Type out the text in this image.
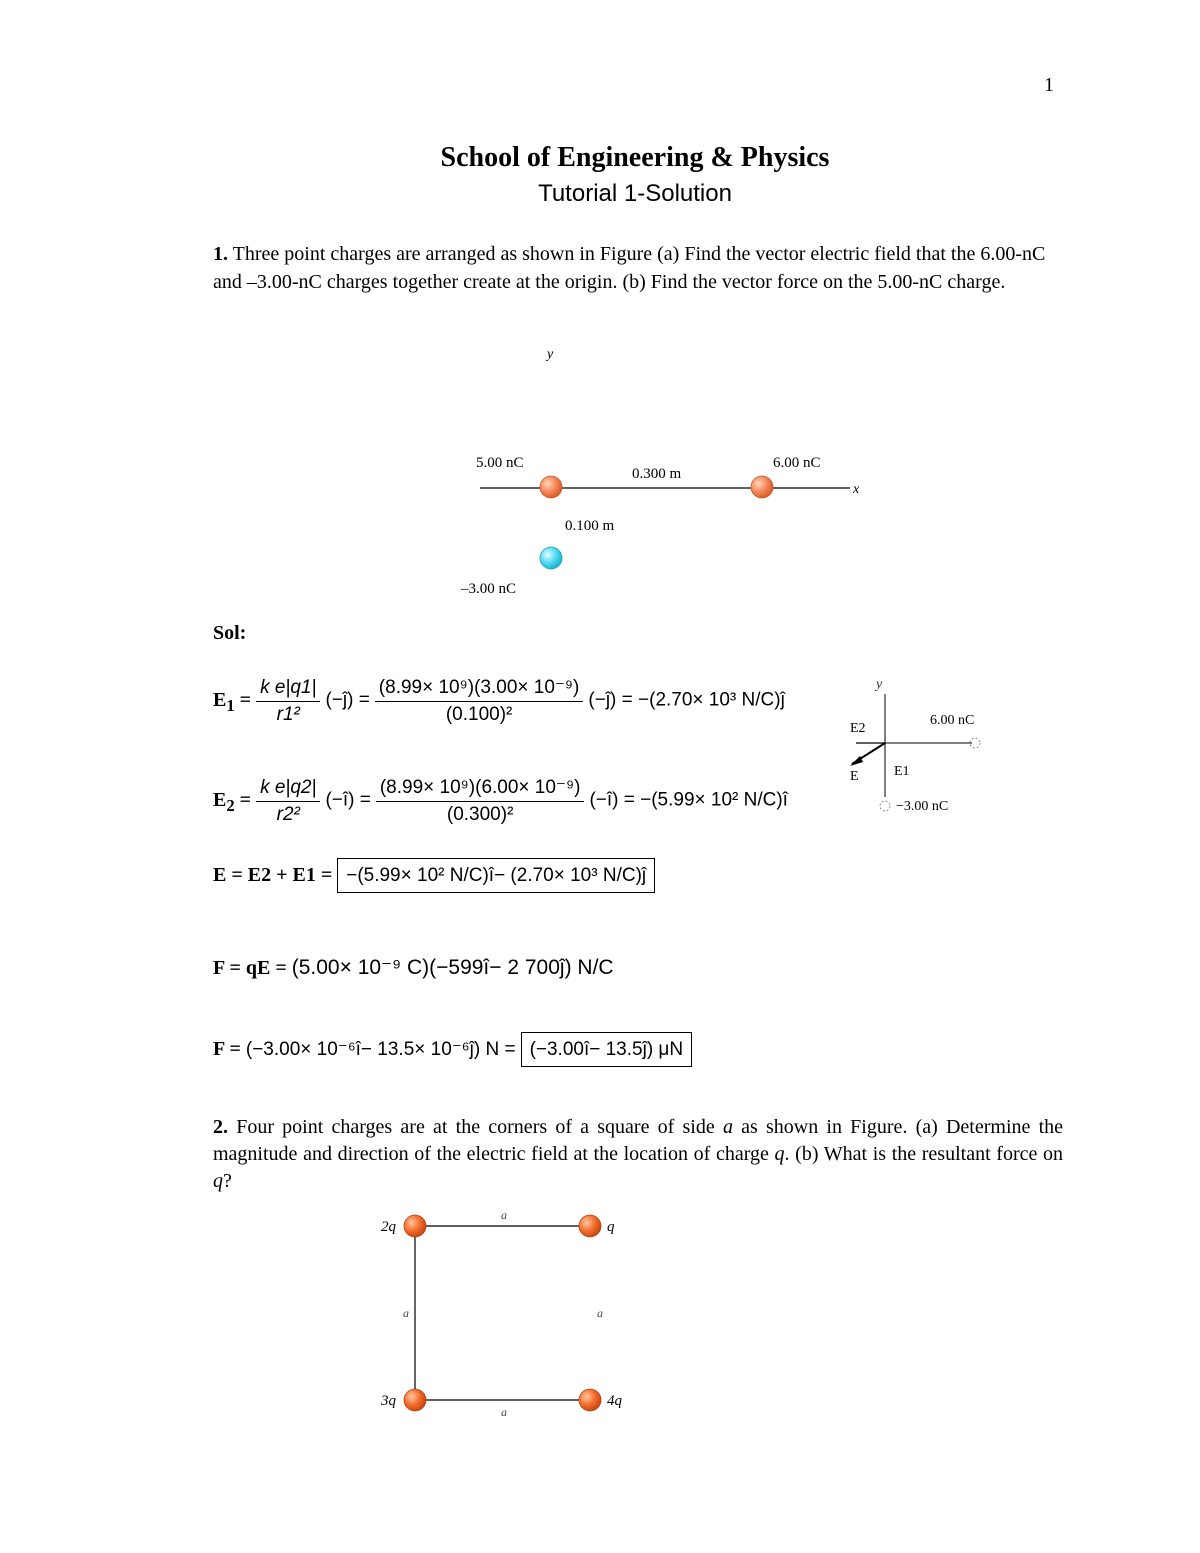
1
School of Engineering & Physics
Tutorial 1-Solution
1. Three point charges are arranged as shown in Figure (a) Find the vector electric field that the 6.00-nC and –3.00-nC charges together create at the origin. (b) Find the vector force on the 5.00-nC charge.
y
x
5.00 nC	6.00 nC
0.300 m
0.100 m
–3.00 nC
Sol:
$E_1 = \frac{\text{k e|q1|}}{\text{r1²}}$ (−ĵ) = $\frac{\text{(8.99× 10⁹)(3.00× 10⁻⁹)}}{\text{(0.100)²}}$ (−ĵ) = −(2.70× 10³ N/C)ĵ
$E_2 = \frac{\text{k e|q2|}}{\text{r2²}}$ (−î) = $\frac{\text{(8.99× 10⁹)(6.00× 10⁻⁹)}}{\text{(0.300)²}}$ (−î) = −(5.99× 10² N/C)î
E = E2 + E1 = −(5.99× 10² N/C)î− (2.70× 10³ N/C)ĵ
F = qE = (5.00× 10⁻⁹ C)(−599î− 2 700ĵ) N/C
F = (−3.00× 10⁻⁶î− 13.5× 10⁻⁶ĵ) N = (−3.00î− 13.5ĵ) μN
y
E2
E	E1
6.00 nC
−3.00 nC
2. Four point charges are at the corners of a square of side a as shown in Figure. (a) Determine the magnitude and direction of the electric field at the location of charge q. (b) What is the resultant force on q?
2q	q
3q	4q
a
a
a	a
